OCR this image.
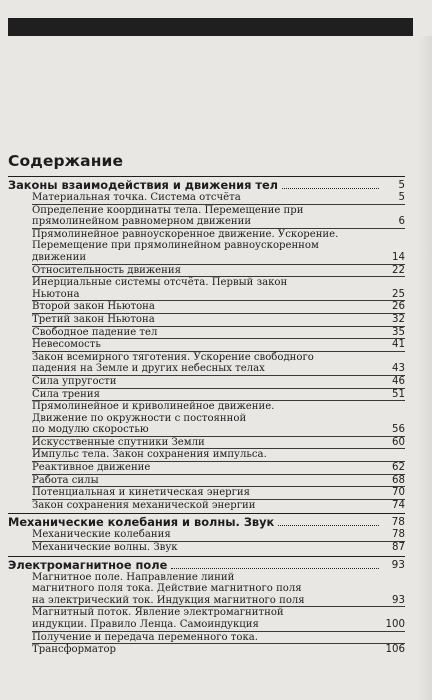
Содержание
Законы взаимодействия и движения тел	5
Материальная точка. Система отсчёта	5
Определение координаты тела. Перемещение при
прямолинейном равномерном движении	6
Прямолинейное равноускоренное движение. Ускорение.
Перемещение при прямолинейном равноускоренном
движении	14
Относительность движения	22
Инерциальные системы отсчёта. Первый закон
Ньютона	25
Второй закон Ньютона	26
Третий закон Ньютона	32
Свободное падение тел	35
Невесомость	41
Закон всемирного тяготения. Ускорение свободного
падения на Земле и других небесных телах	43
Сила упругости	46
Сила трения	51
Прямолинейное и криволинейное движение.
Движение по окружности с постоянной
по модулю скоростью	56
Искусственные спутники Земли	60
Импульс тела. Закон сохранения импульса.
Реактивное движение	62
Работа силы	68
Потенциальная и кинетическая энергия	70
Закон сохранения механической энергии	74
Механические колебания и волны. Звук	78
Механические колебания	78
Механические волны. Звук	87
Электромагнитное поле	93
Магнитное поле. Направление линий
магнитного поля тока. Действие магнитного поля
на электрический ток. Индукция магнитного поля	93
Магнитный поток. Явление электромагнитной
индукции. Правило Ленца. Самоиндукция	100
Получение и передача переменного тока.
Трансформатор	106
